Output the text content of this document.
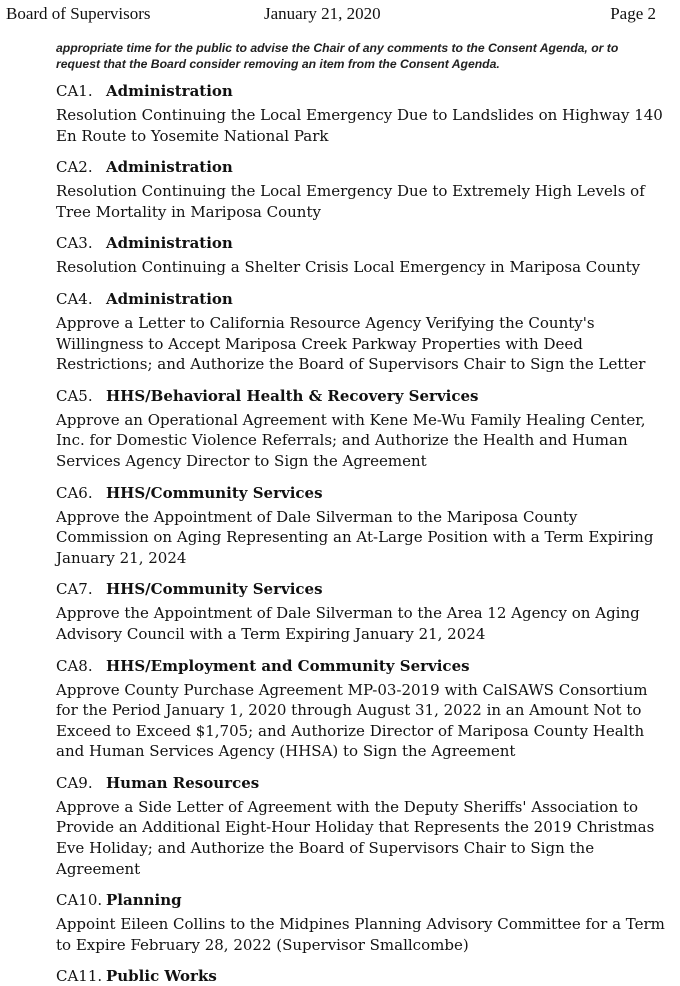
Board of Supervisors	January 21, 2020	Page 2
appropriate time for the public to advise the Chair of any comments to the Consent Agenda, or to request that the Board consider removing an item from the Consent Agenda.
CA1. Administration
Resolution Continuing the Local Emergency Due to Landslides on Highway 140 En Route to Yosemite National Park
CA2. Administration
Resolution Continuing the Local Emergency Due to Extremely High Levels of Tree Mortality in Mariposa County
CA3. Administration
Resolution Continuing a Shelter Crisis Local Emergency in Mariposa County
CA4. Administration
Approve a Letter to California Resource Agency Verifying the County's Willingness to Accept Mariposa Creek Parkway Properties with Deed Restrictions; and Authorize the Board of Supervisors Chair to Sign the Letter
CA5. HHS/Behavioral Health & Recovery Services
Approve an Operational Agreement with Kene Me-Wu Family Healing Center, Inc. for Domestic Violence Referrals; and Authorize the Health and Human Services Agency Director to Sign the Agreement
CA6. HHS/Community Services
Approve the Appointment of Dale Silverman to the Mariposa County Commission on Aging Representing an At-Large Position with a Term Expiring January 21, 2024
CA7. HHS/Community Services
Approve the Appointment of Dale Silverman to the Area 12 Agency on Aging Advisory Council with a Term Expiring January 21, 2024
CA8. HHS/Employment and Community Services
Approve County Purchase Agreement MP-03-2019 with CalSAWS Consortium for the Period January 1, 2020 through August 31, 2022 in an Amount Not to Exceed to Exceed $1,705; and Authorize Director of Mariposa County Health and Human Services Agency (HHSA) to Sign the Agreement
CA9. Human Resources
Approve a Side Letter of Agreement with the Deputy Sheriffs' Association to Provide an Additional Eight-Hour Holiday that Represents the 2019 Christmas Eve Holiday; and Authorize the Board of Supervisors Chair to Sign the Agreement
CA10. Planning
Appoint Eileen Collins to the Midpines Planning Advisory Committee for a Term to Expire February 28, 2022 (Supervisor Smallcombe)
CA11. Public Works
